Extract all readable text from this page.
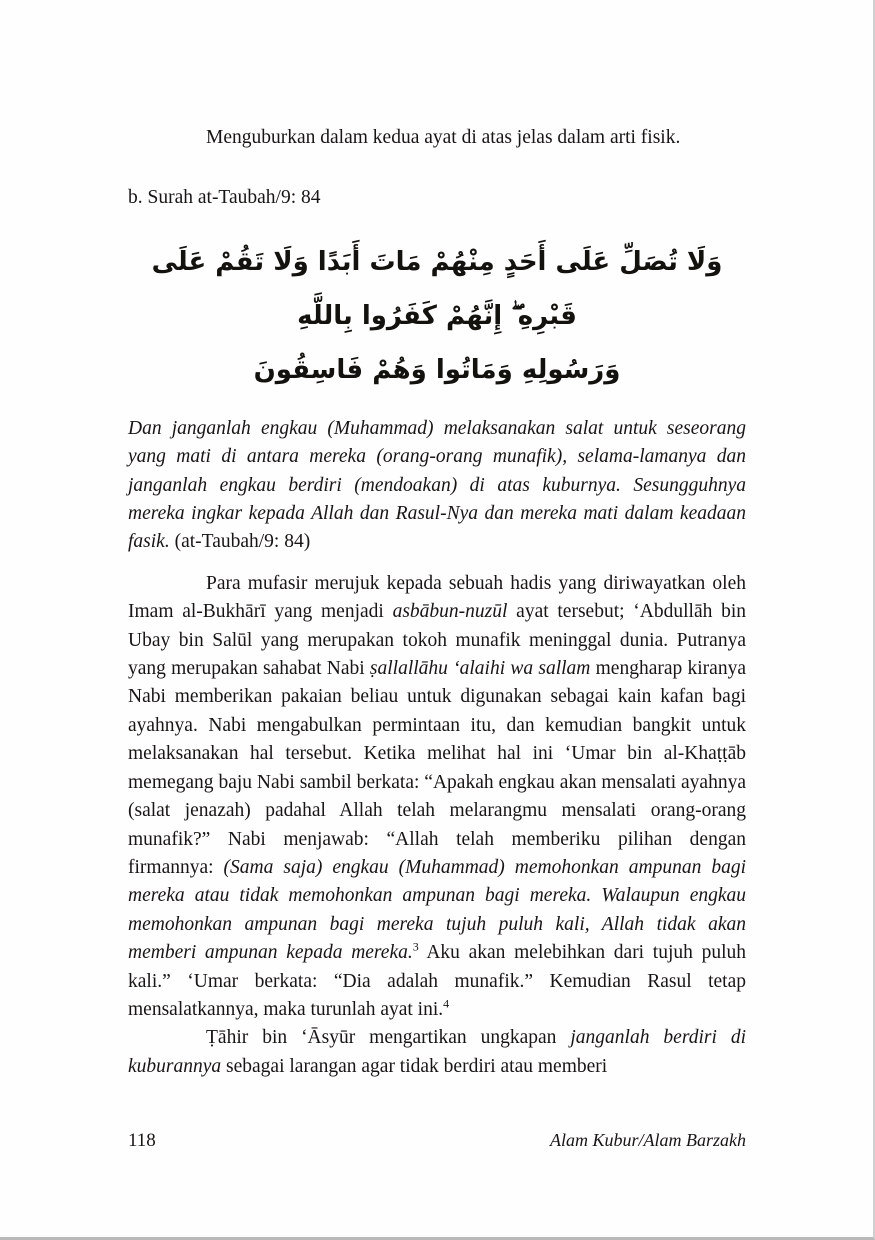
Menguburkan dalam kedua ayat di atas jelas dalam arti fisik.

b. Surah at-Taubah/9: 84

وَلَا تُصَلِّ عَلَى أَحَدٍ مِنْهُمْ مَاتَ أَبَدًا وَلَا تَقُمْ عَلَى قَبْرِهِ ۖ إِنَّهُمْ كَفَرُوا بِاللَّهِ
وَرَسُولِهِ وَمَاتُوا وَهُمْ فَاسِقُونَ

Dan janganlah engkau (Muhammad) melaksanakan salat untuk seseorang yang mati di antara mereka (orang-orang munafik), selama-lamanya dan janganlah engkau berdiri (mendoakan) di atas kuburnya. Sesungguhnya mereka ingkar kepada Allah dan Rasul-Nya dan mereka mati dalam keadaan fasik. (at-Taubah/9: 84)

Para mufasir merujuk kepada sebuah hadis yang diriwayatkan oleh Imam al-Bukhārī yang menjadi asbābun-nuzūl ayat tersebut; ‘Abdullāh bin Ubay bin Salūl yang merupakan tokoh munafik meninggal dunia. Putranya yang merupakan sahabat Nabi ṣallallāhu ‘alaihi wa sallam mengharap kiranya Nabi memberikan pakaian beliau untuk digunakan sebagai kain kafan bagi ayahnya. Nabi mengabulkan permintaan itu, dan kemudian bangkit untuk melaksanakan hal tersebut. Ketika melihat hal ini ‘Umar bin al-Khaṭṭāb memegang baju Nabi sambil berkata: “Apakah engkau akan mensalati ayahnya (salat jenazah) padahal Allah telah melarangmu mensalati orang-orang munafik?” Nabi menjawab: “Allah telah memberiku pilihan dengan firmannya: (Sama saja) engkau (Muhammad) memohonkan ampunan bagi mereka atau tidak memohonkan ampunan bagi mereka. Walaupun engkau memohonkan ampunan bagi mereka tujuh puluh kali, Allah tidak akan memberi ampunan kepada mereka.$^3$ Aku akan melebihkan dari tujuh puluh kali.” ‘Umar berkata: “Dia adalah munafik.” Kemudian Rasul tetap mensalatkannya, maka turunlah ayat ini.$^4$

Ṭāhir bin ‘Āsyūr mengartikan ungkapan janganlah berdiri di kuburannya sebagai larangan agar tidak berdiri atau memberi

118	Alam Kubur/Alam Barzakh
